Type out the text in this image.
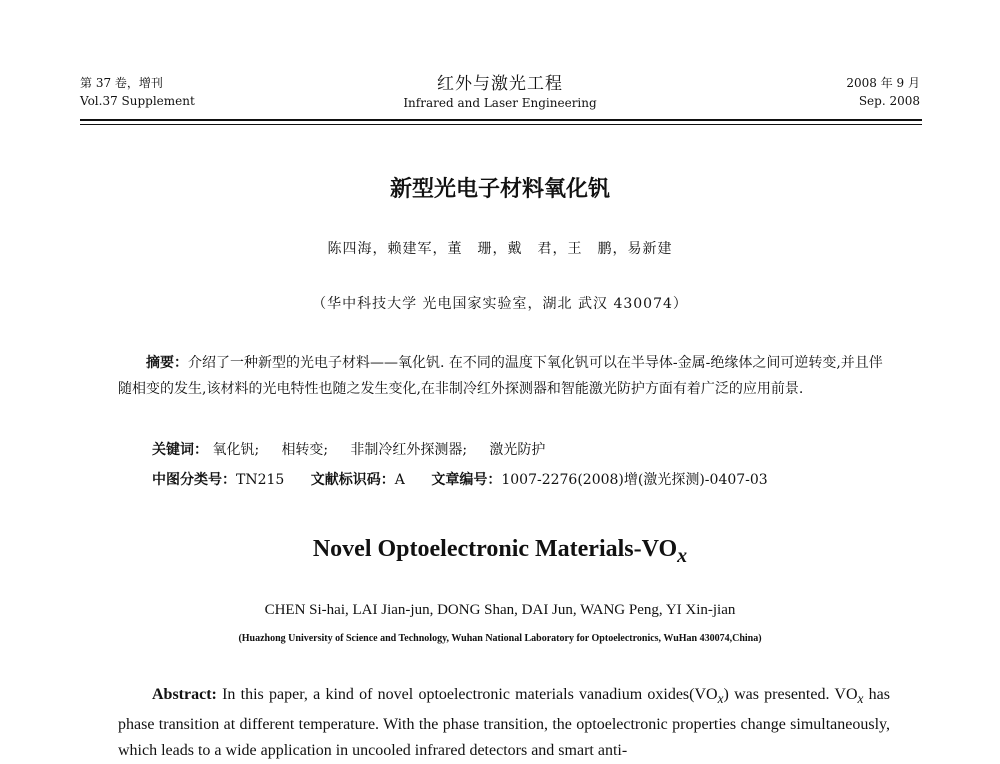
第 37 卷，增刊
Vol.37 Supplement
红外与激光工程
Infrared and Laser Engineering
2008 年 9 月
Sep. 2008
新型光电子材料氧化钒
陈四海，赖建军，董　珊，戴　君，王　鹏，易新建
（华中科技大学 光电国家实验室，湖北 武汉 430074）

摘要：介绍了一种新型的光电子材料——氧化钒. 在不同的温度下氧化钒可以在半导体-金属-绝缘体之间可逆转变,并且伴随相变的发生,该材料的光电特性也随之发生变化,在非制冷红外探测器和智能激光防护方面有着广泛的应用前景.

关键词： 氧化钒; 相转变; 非制冷红外探测器; 激光防护
中图分类号：TN215 文献标识码：A 文章编号：1007-2276(2008)增(激光探测)-0407-03
Novel Optoelectronic Materials-$VO_x$
CHEN Si-hai, LAI Jian-jun, DONG Shan, DAI Jun, WANG Peng, YI Xin-jian
(Huazhong University of Science and Technology, Wuhan National Laboratory for Optoelectronics, WuHan 430074,China)

Abstract: In this paper, a kind of novel optoelectronic materials vanadium $oxides(VO_x)$ was presented. $VO_x$ has phase transition at different temperature. With the phase transition, the optoelectronic properties change simultaneously, which leads to a wide application in uncooled infrared detectors and smart anti-
